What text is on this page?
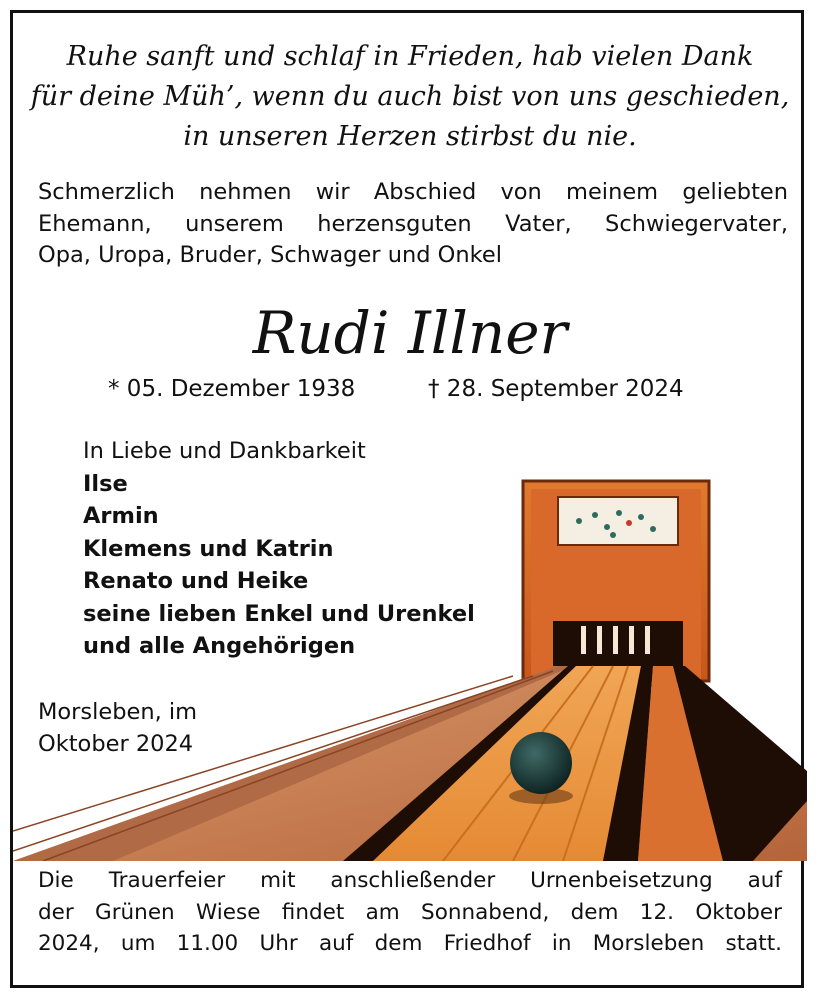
Ruhe sanft und schlaf in Frieden, hab vielen Dank
für deine Müh’, wenn du auch bist von uns geschieden,
in unseren Herzen stirbst du nie.
Schmerzlich nehmen wir Abschied von meinem geliebten
Ehemann, unserem herzensguten Vater, Schwiegervater,
Opa, Uropa, Bruder, Schwager und Onkel
Rudi Illner
* 05. Dezember 1938	† 28. September 2024
In Liebe und Dankbarkeit
Ilse
Armin
Klemens und Katrin
Renato und Heike
seine lieben Enkel und Urenkel
und alle Angehörigen
Morsleben, im
Oktober 2024
Die Trauerfeier mit anschließender Urnenbeisetzung auf
der Grünen Wiese findet am Sonnabend, dem 12. Oktober
2024, um 11.00 Uhr auf dem Friedhof in Morsleben statt.
